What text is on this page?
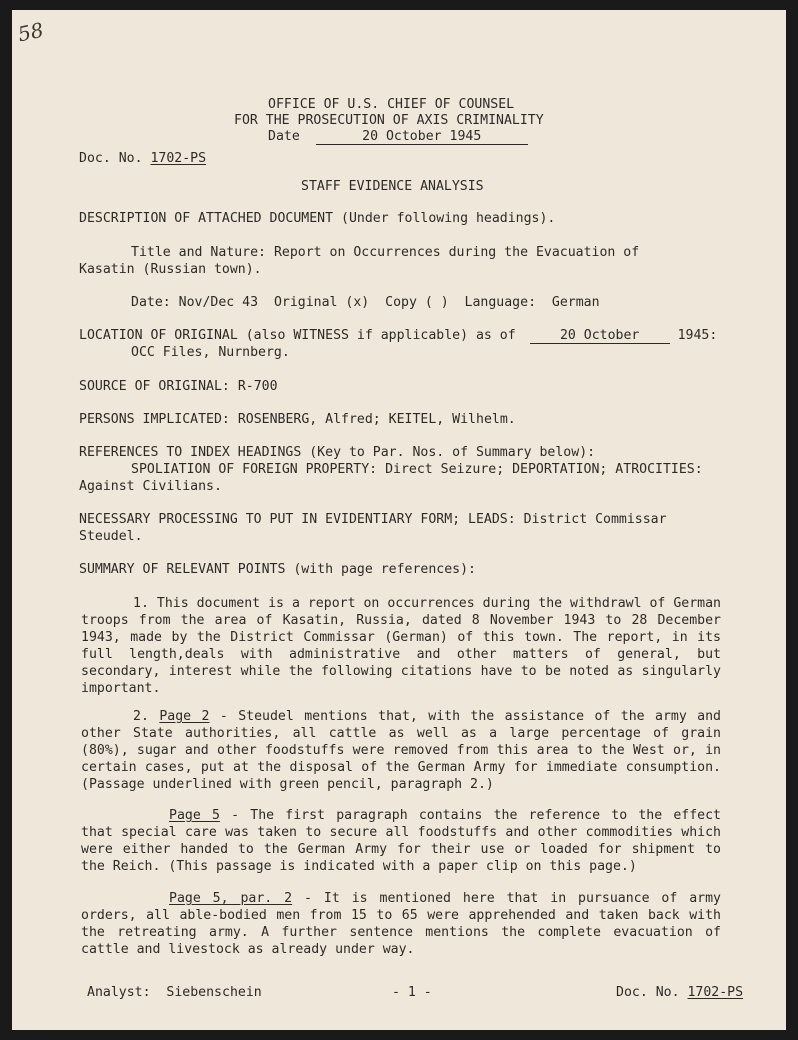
58
OFFICE OF U.S. CHIEF OF COUNSEL
FOR THE PROSECUTION OF AXIS CRIMINALITY
Date	20 October 1945
Doc. No. 1702-PS
STAFF EVIDENCE ANALYSIS
DESCRIPTION OF ATTACHED DOCUMENT (Under following headings).
Title and Nature: Report on Occurrences during the Evacuation of
Kasatin (Russian town).
Date: Nov/Dec 43 Original (x) Copy ( ) Language: German
LOCATION OF ORIGINAL (also WITNESS if applicable) as of	20 October	1945:
OCC Files, Nurnberg.
SOURCE OF ORIGINAL: R-700
PERSONS IMPLICATED: ROSENBERG, Alfred; KEITEL, Wilhelm.
REFERENCES TO INDEX HEADINGS (Key to Par. Nos. of Summary below):
SPOLIATION OF FOREIGN PROPERTY: Direct Seizure; DEPORTATION; ATROCITIES:
Against Civilians.
NECESSARY PROCESSING TO PUT IN EVIDENTIARY FORM; LEADS: District Commissar
Steudel.
SUMMARY OF RELEVANT POINTS (with page references):
1. This document is a report on occurrences during the withdrawl of German troops from the area of Kasatin, Russia, dated 8 November 1943 to 28 December 1943, made by the District Commissar (German) of this town. The report, in its full length,deals with administrative and other matters of general, but secondary, interest while the following citations have to be noted as singularly important.
2. Page 2 - Steudel mentions that, with the assistance of the army and other State authorities, all cattle as well as a large percentage of grain (80%), sugar and other foodstuffs were removed from this area to the West or, in certain cases, put at the disposal of the German Army for immediate consumption. (Passage underlined with green pencil, paragraph 2.)
Page 5 - The first paragraph contains the reference to the effect that special care was taken to secure all foodstuffs and other commodities which were either handed to the German Army for their use or loaded for shipment to the Reich. (This passage is indicated with a paper clip on this page.)
Page 5, par. 2 - It is mentioned here that in pursuance of army orders, all able-bodied men from 15 to 65 were apprehended and taken back with the retreating army. A further sentence mentions the complete evacuation of cattle and livestock as already under way.
Analyst: Siebenschein	- 1 -	Doc. No. 1702-PS
